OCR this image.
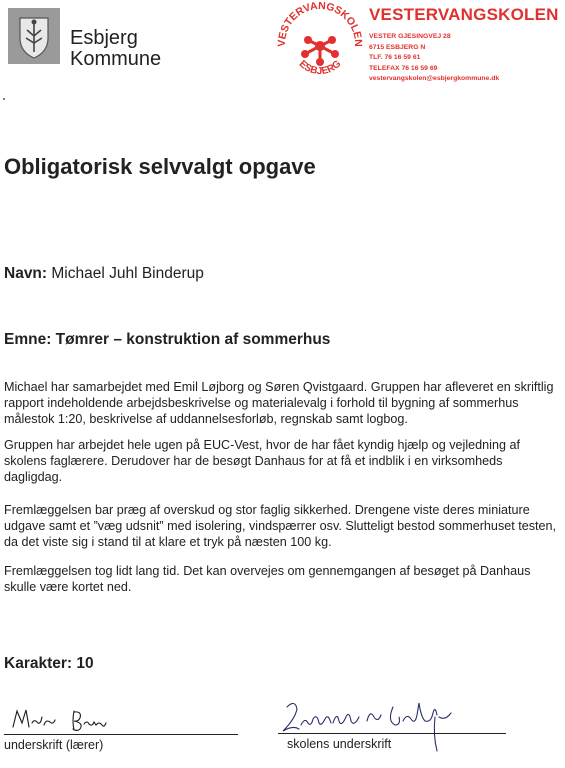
Esbjerg
Kommune
VESTERVANGSKOLEN
ESBJERG
VESTERVANGSKOLEN
VESTER GJESINGVEJ 28
6715 ESBJERG N
TLF. 76 16 59 61
TELEFAX 76 16 59 69
vestervangskolen@esbjergkommune.dk
Obligatorisk selvvalgt opgave
Navn: Michael Juhl Binderup
Emne: Tømrer – konstruktion af sommerhus
Michael har samarbejdet med Emil Løjborg og Søren Qvistgaard. Gruppen har afleveret en skriftlig rapport indeholdende arbejdsbeskrivelse og materialevalg i forhold til bygning af sommerhus målestok 1:20, beskrivelse af uddannelsesforløb, regnskab samt logbog.
Gruppen har arbejdet hele ugen på EUC-Vest, hvor de har fået kyndig hjælp og vejledning af skolens faglærere. Derudover har de besøgt Danhaus for at få et indblik i en virksomheds dagligdag.
Fremlæggelsen bar præg af overskud og stor faglig sikkerhed. Drengene viste deres miniature udgave samt et ”væg udsnit” med isolering, vindspærrer osv. Slutteligt bestod sommerhuset testen, da det viste sig i stand til at klare et tryk på næsten 100 kg.
Fremlæggelsen tog lidt lang tid. Det kan overvejes om gennemgangen af besøget på Danhaus skulle være kortet ned.
Karakter: 10
underskrift (lærer)	skolens underskrift
